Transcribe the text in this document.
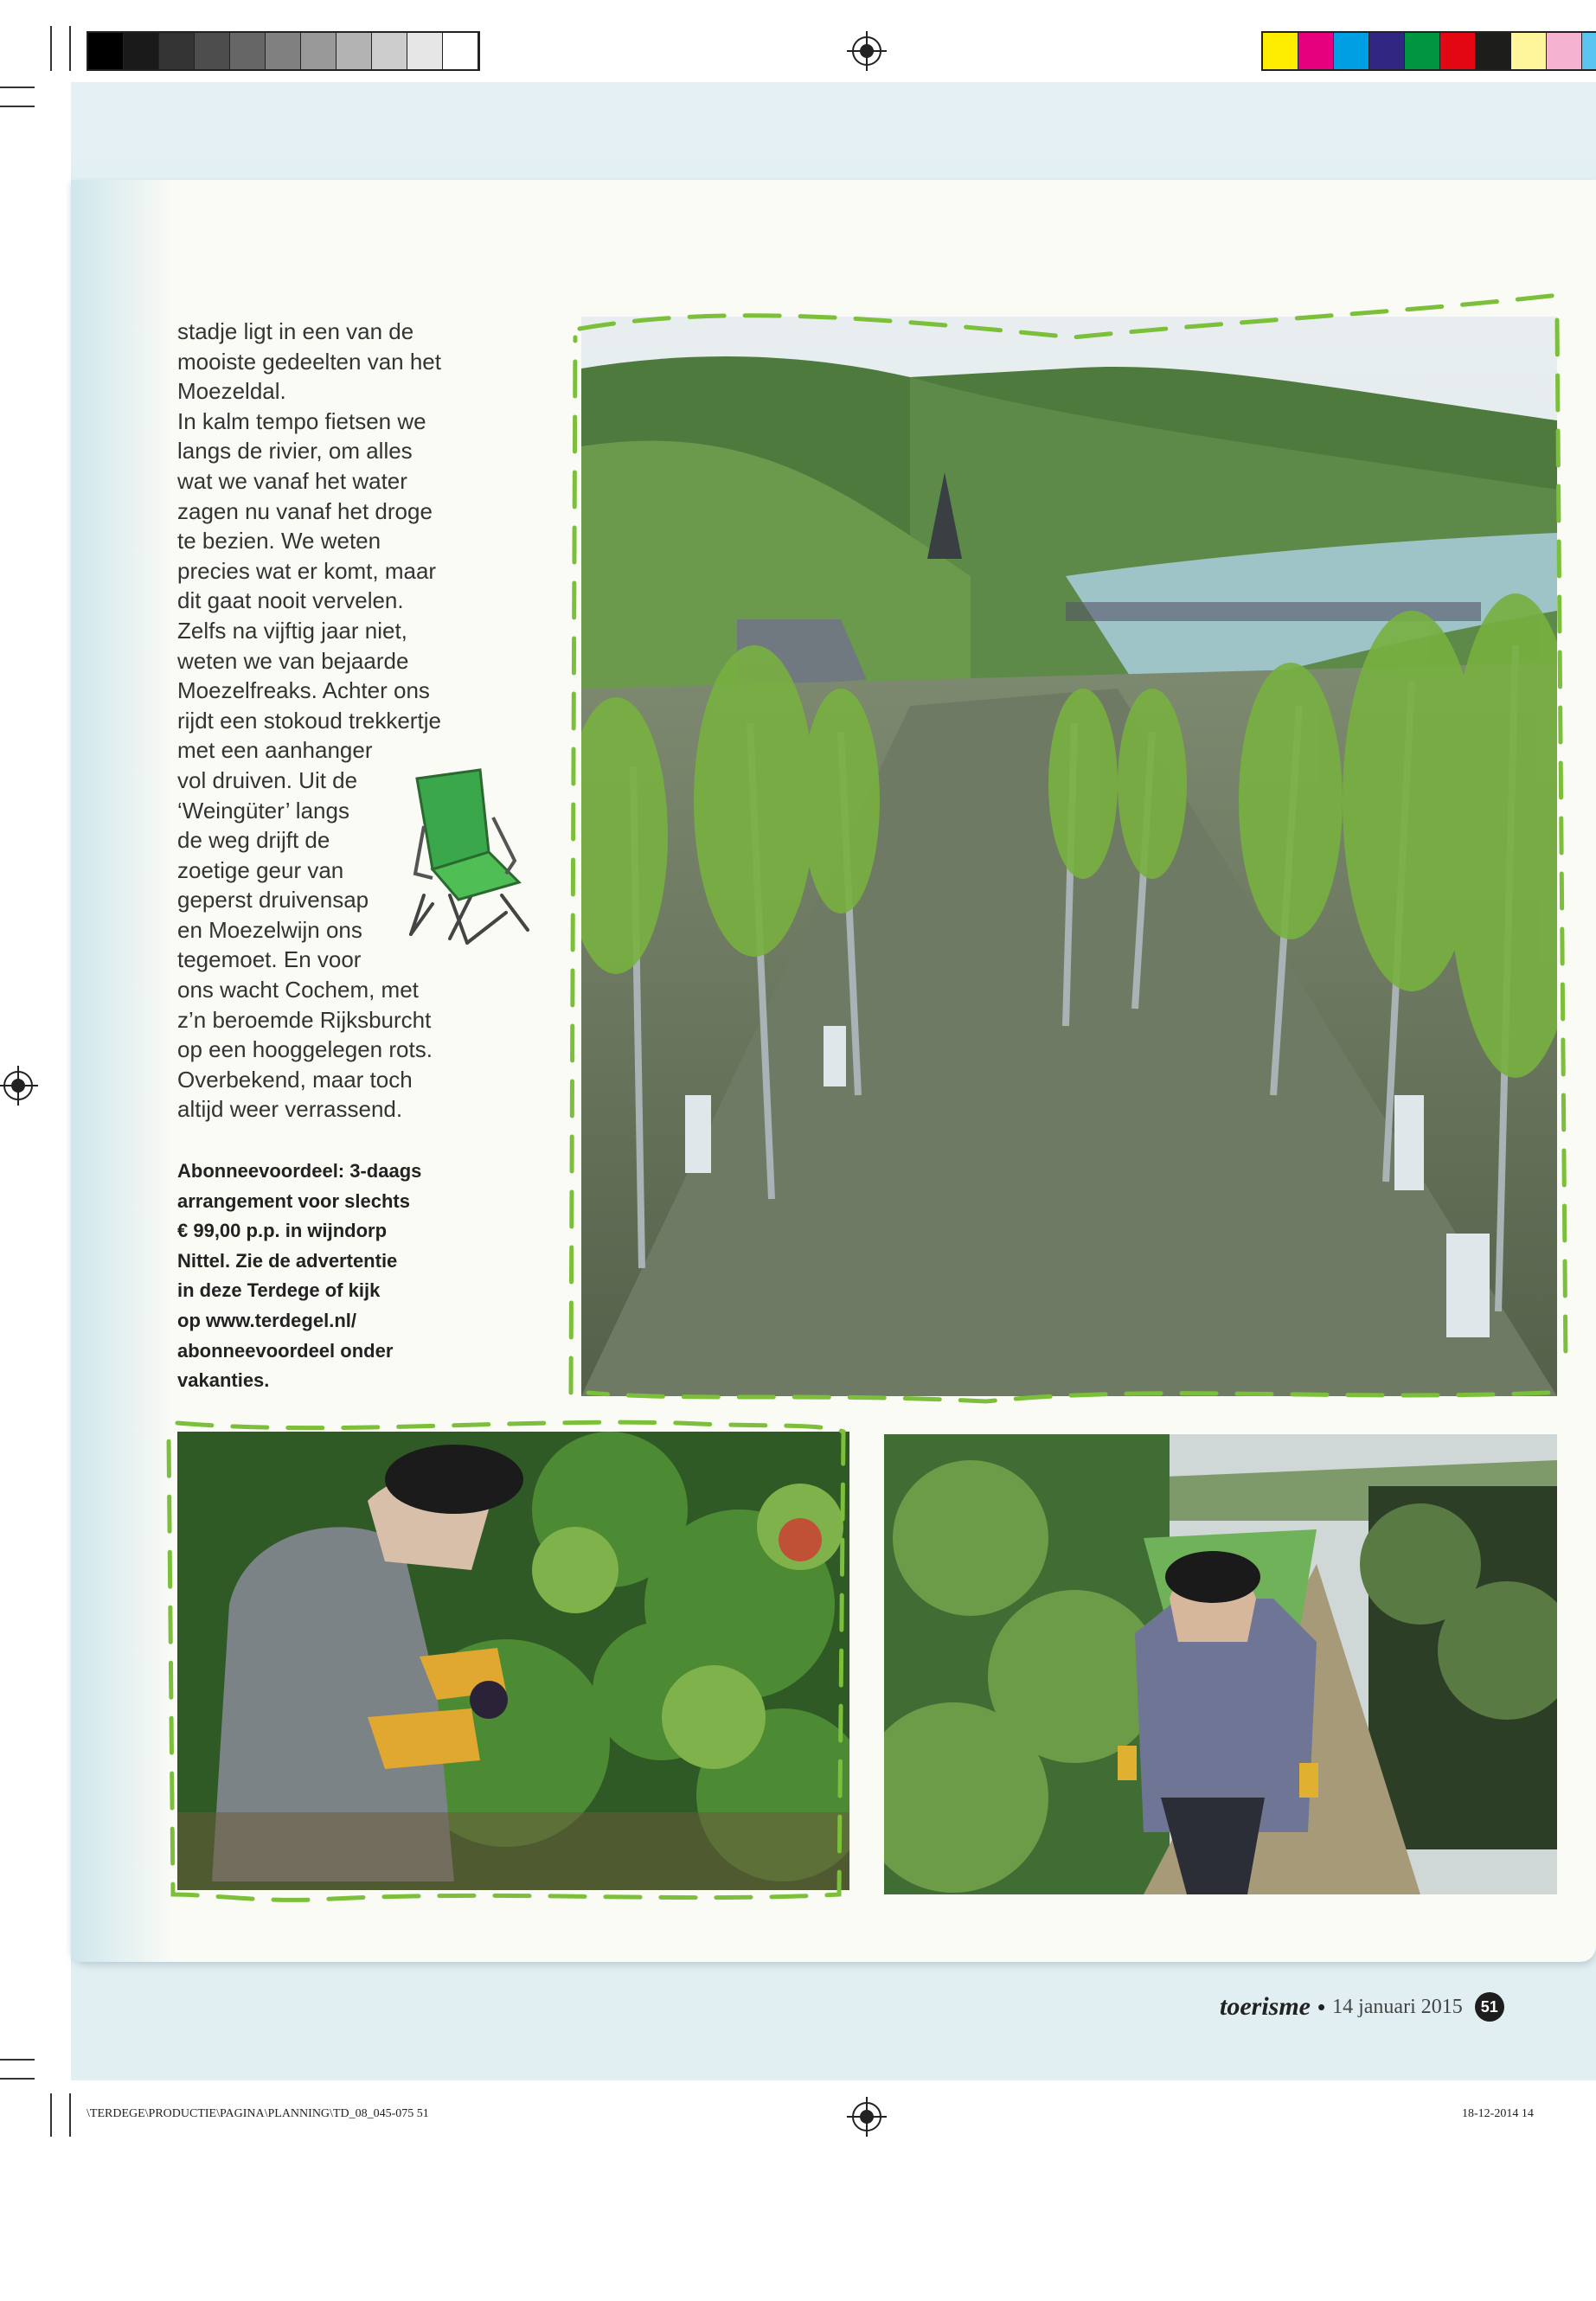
stadje ligt in een van de
mooiste gedeelten van het
Moezeldal.
In kalm tempo fietsen we
langs de rivier, om alles
wat we vanaf het water
zagen nu vanaf het droge
te bezien. We weten
precies wat er komt, maar
dit gaat nooit vervelen.
Zelfs na vijftig jaar niet,
weten we van bejaarde
Moezelfreaks. Achter ons
rijdt een stokoud trekkertje
met een aanhanger
vol druiven. Uit de
‘Weingüter’ langs
de weg drijft de
zoetige geur van
geperst druivensap
en Moezelwijn ons
tegemoet. En voor
ons wacht Cochem, met
z’n beroemde Rijksburcht
op een hooggelegen rots.
Overbekend, maar toch
altijd weer verrassend.
Abonneevoordeel: 3-daags
arrangement voor slechts
€ 99,00 p.p. in wijndorp
Nittel. Zie de advertentie
in deze Terdege of kijk
op www.terdegel.nl/
abonneevoordeel onder
vakanties.
toerisme • 14 januari 2015	51
\TERDEGE\PRODUCTIE\PAGINA\PLANNING\TD_08_045-075 51	18-12-2014 14
